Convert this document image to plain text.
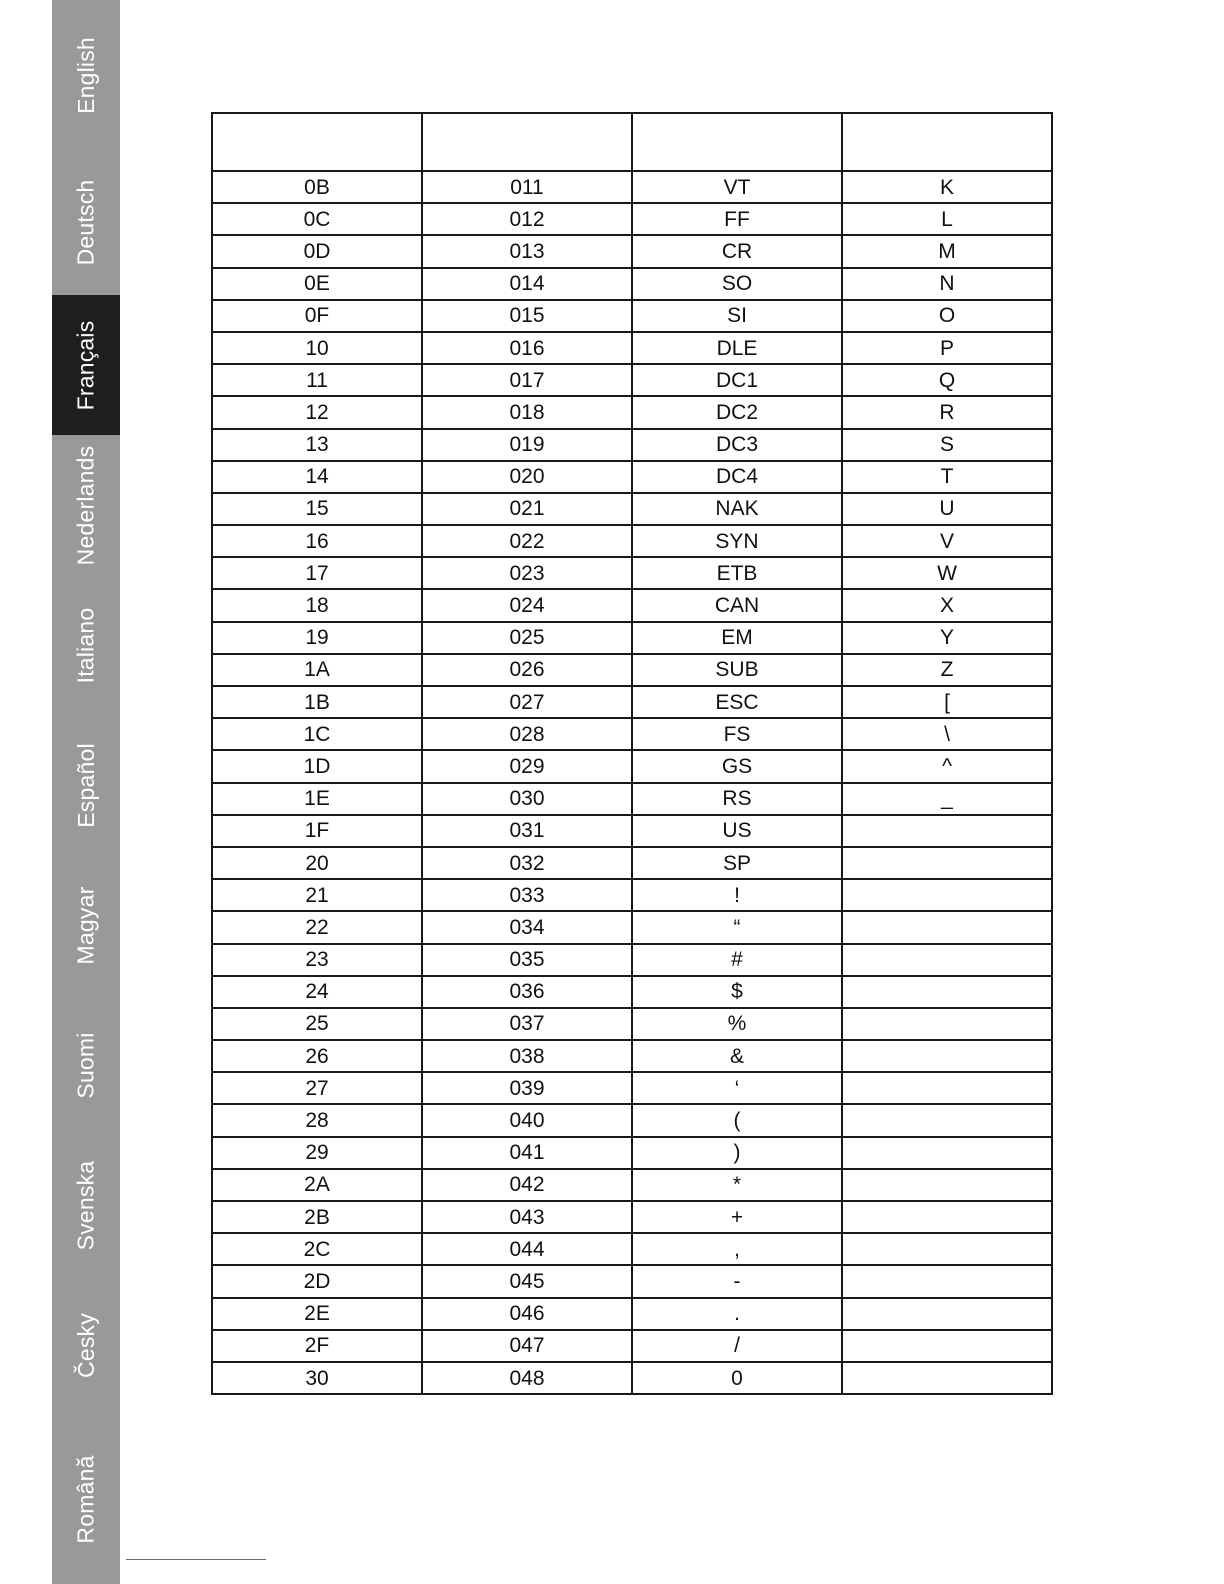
English
Deutsch
Français
Nederlands
Italiano
Español
Magyar
Suomi
Svenska
Česky
Română

0B	011	VT	K
0C	012	FF	L
0D	013	CR	M
0E	014	SO	N
0F	015	SI	O
10	016	DLE	P
11	017	DC1	Q
12	018	DC2	R
13	019	DC3	S
14	020	DC4	T
15	021	NAK	U
16	022	SYN	V
17	023	ETB	W
18	024	CAN	X
19	025	EM	Y
1A	026	SUB	Z
1B	027	ESC	[
1C	028	FS	\
1D	029	GS	^
1E	030	RS	_
1F	031	US	
20	032	SP	
21	033	!	
22	034	“	
23	035	#	
24	036	$	
25	037	%	
26	038	&	
27	039	‘	
28	040	(	
29	041	)	
2A	042	*	
2B	043	+	
2C	044	,	
2D	045	-	
2E	046	.	
2F	047	/	
30	048	0	
